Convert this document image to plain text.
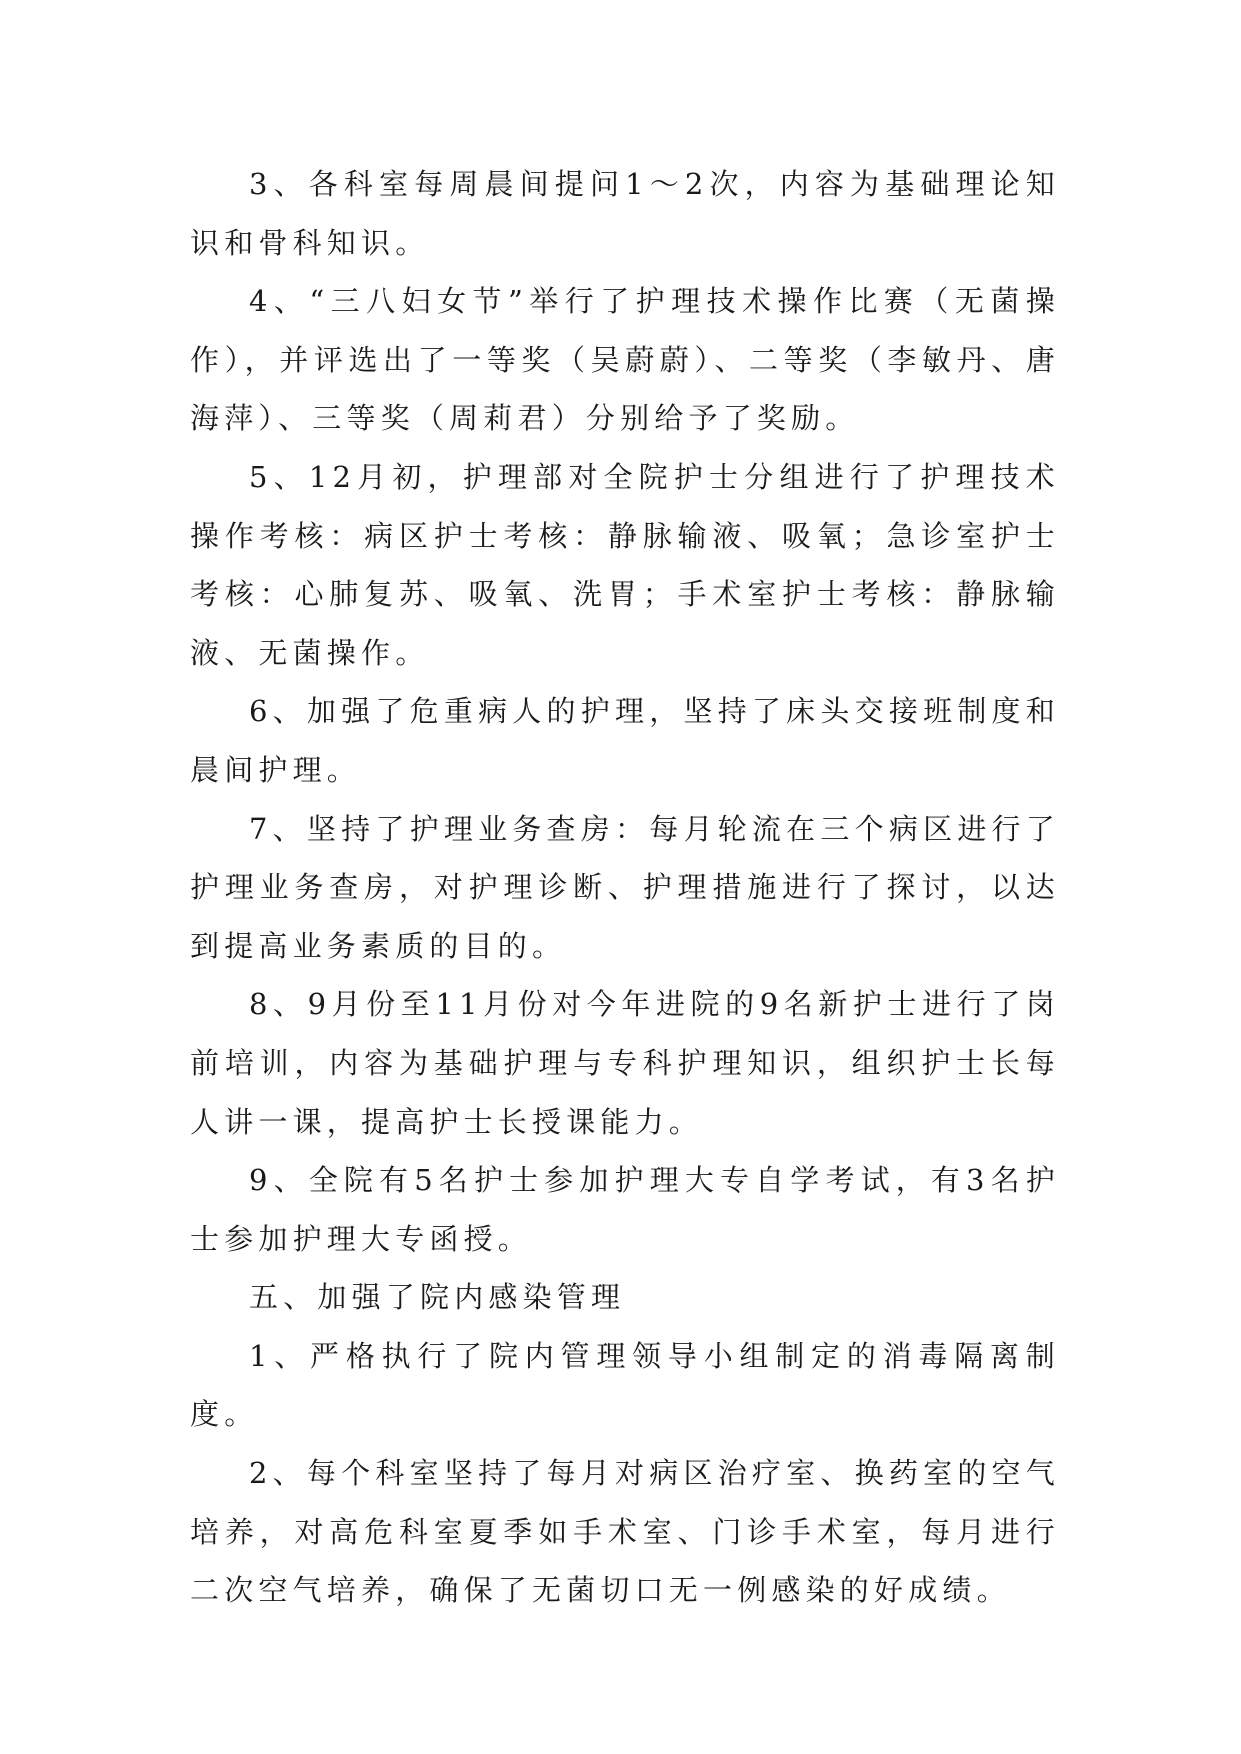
3、各科室每周晨间提问1～2次，内容为基础理论知识和骨科知识。

4、“三八妇女节”举行了护理技术操作比赛（无菌操作），并评选出了一等奖（吴蔚蔚）、二等奖（李敏丹、唐海萍）、三等奖（周莉君）分别给予了奖励。

5、12月初，护理部对全院护士分组进行了护理技术操作考核：病区护士考核：静脉输液、吸氧；急诊室护士考核：心肺复苏、吸氧、洗胃；手术室护士考核：静脉输液、无菌操作。

6、加强了危重病人的护理，坚持了床头交接班制度和晨间护理。

7、坚持了护理业务查房：每月轮流在三个病区进行了护理业务查房，对护理诊断、护理措施进行了探讨，以达到提高业务素质的目的。

8、9月份至11月份对今年进院的9名新护士进行了岗前培训，内容为基础护理与专科护理知识，组织护士长每人讲一课，提高护士长授课能力。

9、全院有5名护士参加护理大专自学考试，有3名护士参加护理大专函授。

五、加强了院内感染管理

1、严格执行了院内管理领导小组制定的消毒隔离制度。

2、每个科室坚持了每月对病区治疗室、换药室的空气培养，对高危科室夏季如手术室、门诊手术室，每月进行二次空气培养，确保了无菌切口无一例感染的好成绩。
